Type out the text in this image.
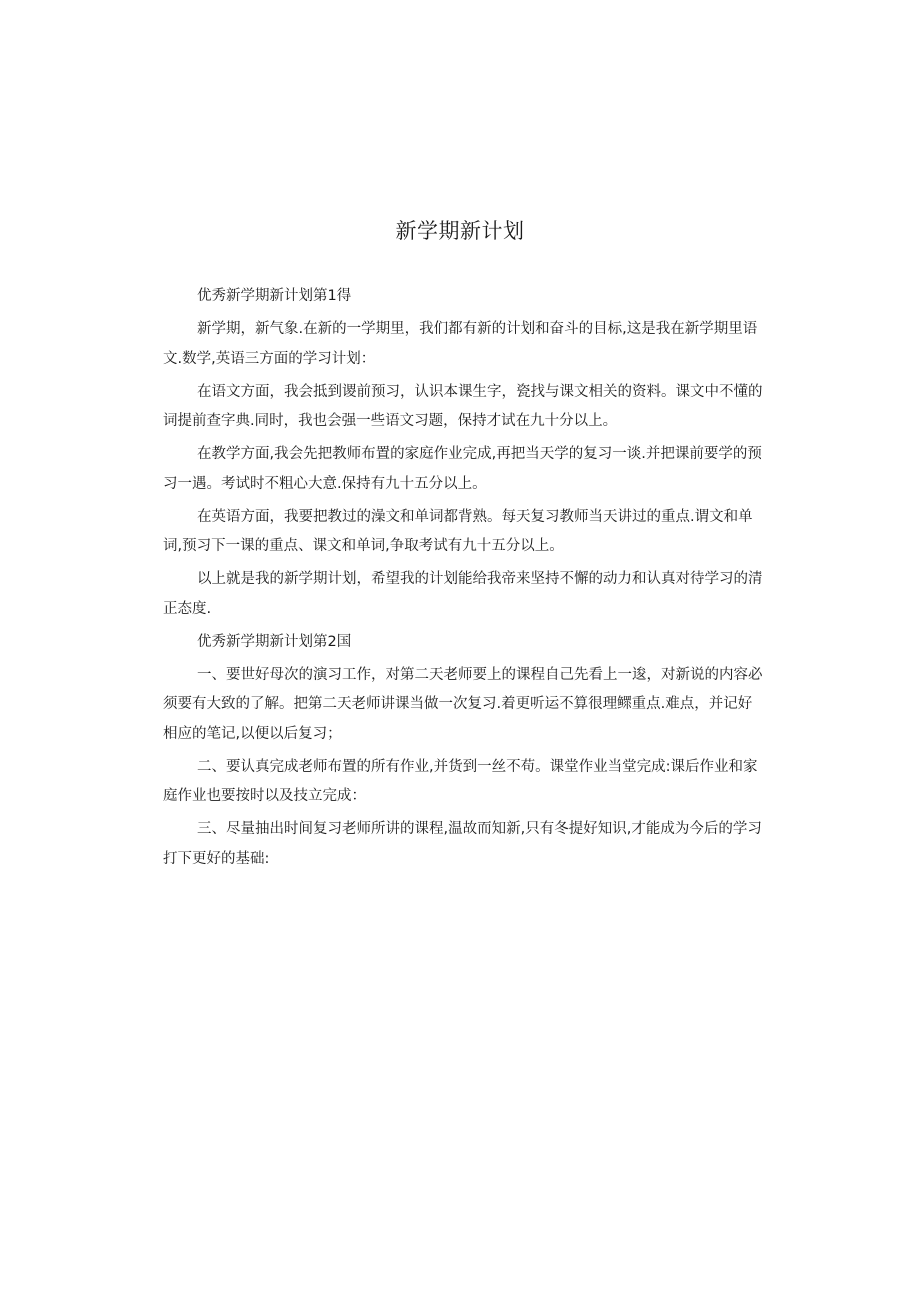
新学期新计划

优秀新学期新计划第1得

新学期，新气象.在新的一学期里，我们都有新的计划和奋斗的目标,这是我在新学期里语文.数学,英语三方面的学习计划：

在语文方面，我会抵到谡前预习，认识本课生字，瓷找与课文相关的资料。课文中不懂的词提前查字典.同时，我也会强一些语文习题，保持才试在九十分以上。

在教学方面,我会先把教师布置的家庭作业完成,再把当天学的复习一谈.并把课前要学的预习一遇。考试时不粗心大意.保持有九十五分以上。

在英语方面，我要把教过的澡文和单词都背熟。每天复习教师当天讲过的重点.谓文和单词,预习下一课的重点、课文和单词,争取考试有九十五分以上。

以上就是我的新学期计划，希望我的计划能给我帝来坚持不懈的动力和认真对待学习的清正态度.

优秀新学期新计划第2国

一、要世好母次的演习工作，对第二天老师要上的课程自己先看上一逡，对新说的内容必须要有大致的了解。把第二天老师讲课当做一次复习.着更听运不算很理鳏重点.难点，并记好相应的笔记,以便以后复习；

二、要认真完成老师布置的所有作业,并货到一丝不苟。课堂作业当堂完成:课后作业和家庭作业也要按时以及技立完成：

三、尽量抽出时间复习老师所讲的课程,温故而知新,只有冬提好知识,才能成为今后的学习打下更好的基础:
